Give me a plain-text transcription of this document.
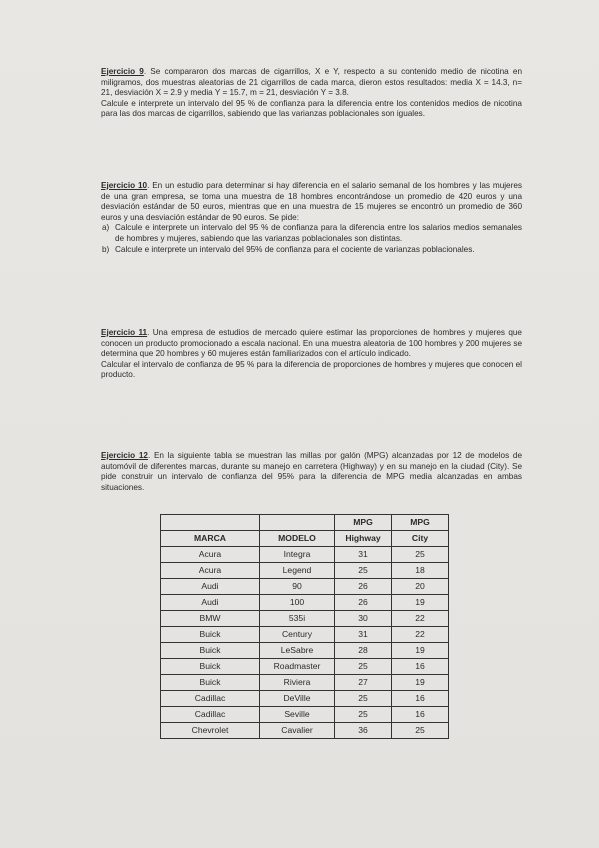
Ejercicio 9. Se compararon dos marcas de cigarrillos, X e Y, respecto a su contenido medio de nicotina en miligramos, dos muestras aleatorias de 21 cigarrillos de cada marca, dieron estos resultados: media X = 14.3, n= 21, desviación X = 2.9 y media Y = 15.7, m = 21, desviación Y = 3.8.

Calcule e interprete un intervalo del 95 % de confianza para la diferencia entre los contenidos medios de nicotina para las dos marcas de cigarrillos, sabiendo que las varianzas poblacionales son iguales.

Ejercicio 10. En un estudio para determinar si hay diferencia en el salario semanal de los hombres y las mujeres de una gran empresa, se toma una muestra de 18 hombres encontrándose un promedio de 420 euros y una desviación estándar de 50 euros, mientras que en una muestra de 15 mujeres se encontró un promedio de 360 euros y una desviación estándar de 90 euros. Se pide:

a) Calcule e interprete un intervalo del 95 % de confianza para la diferencia entre los salarios medios semanales de hombres y mujeres, sabiendo que las varianzas poblacionales son distintas.
b) Calcule e interprete un intervalo del 95% de confianza para el cociente de varianzas poblacionales.

Ejercicio 11. Una empresa de estudios de mercado quiere estimar las proporciones de hombres y mujeres que conocen un producto promocionado a escala nacional. En una muestra aleatoria de 100 hombres y 200 mujeres se determina que 20 hombres y 60 mujeres están familiarizados con el artículo indicado.

Calcular el intervalo de confianza de 95 % para la diferencia de proporciones de hombres y mujeres que conocen el producto.

Ejercicio 12. En la siguiente tabla se muestran las millas por galón (MPG) alcanzadas por 12 de modelos de automóvil de diferentes marcas, durante su manejo en carretera (Highway) y en su manejo en la ciudad (City). Se pide construir un intervalo de confianza del 95% para la diferencia de MPG media alcanzadas en ambas situaciones.

		MPG	MPG
MARCA	MODELO	Highway	City
Acura	Integra	31	25
Acura	Legend	25	18
Audi	90	26	20
Audi	100	26	19
BMW	535i	30	22
Buick	Century	31	22
Buick	LeSabre	28	19
Buick	Roadmaster	25	16
Buick	Riviera	27	19
Cadillac	DeVille	25	16
Cadillac	Seville	25	16
Chevrolet	Cavalier	36	25
